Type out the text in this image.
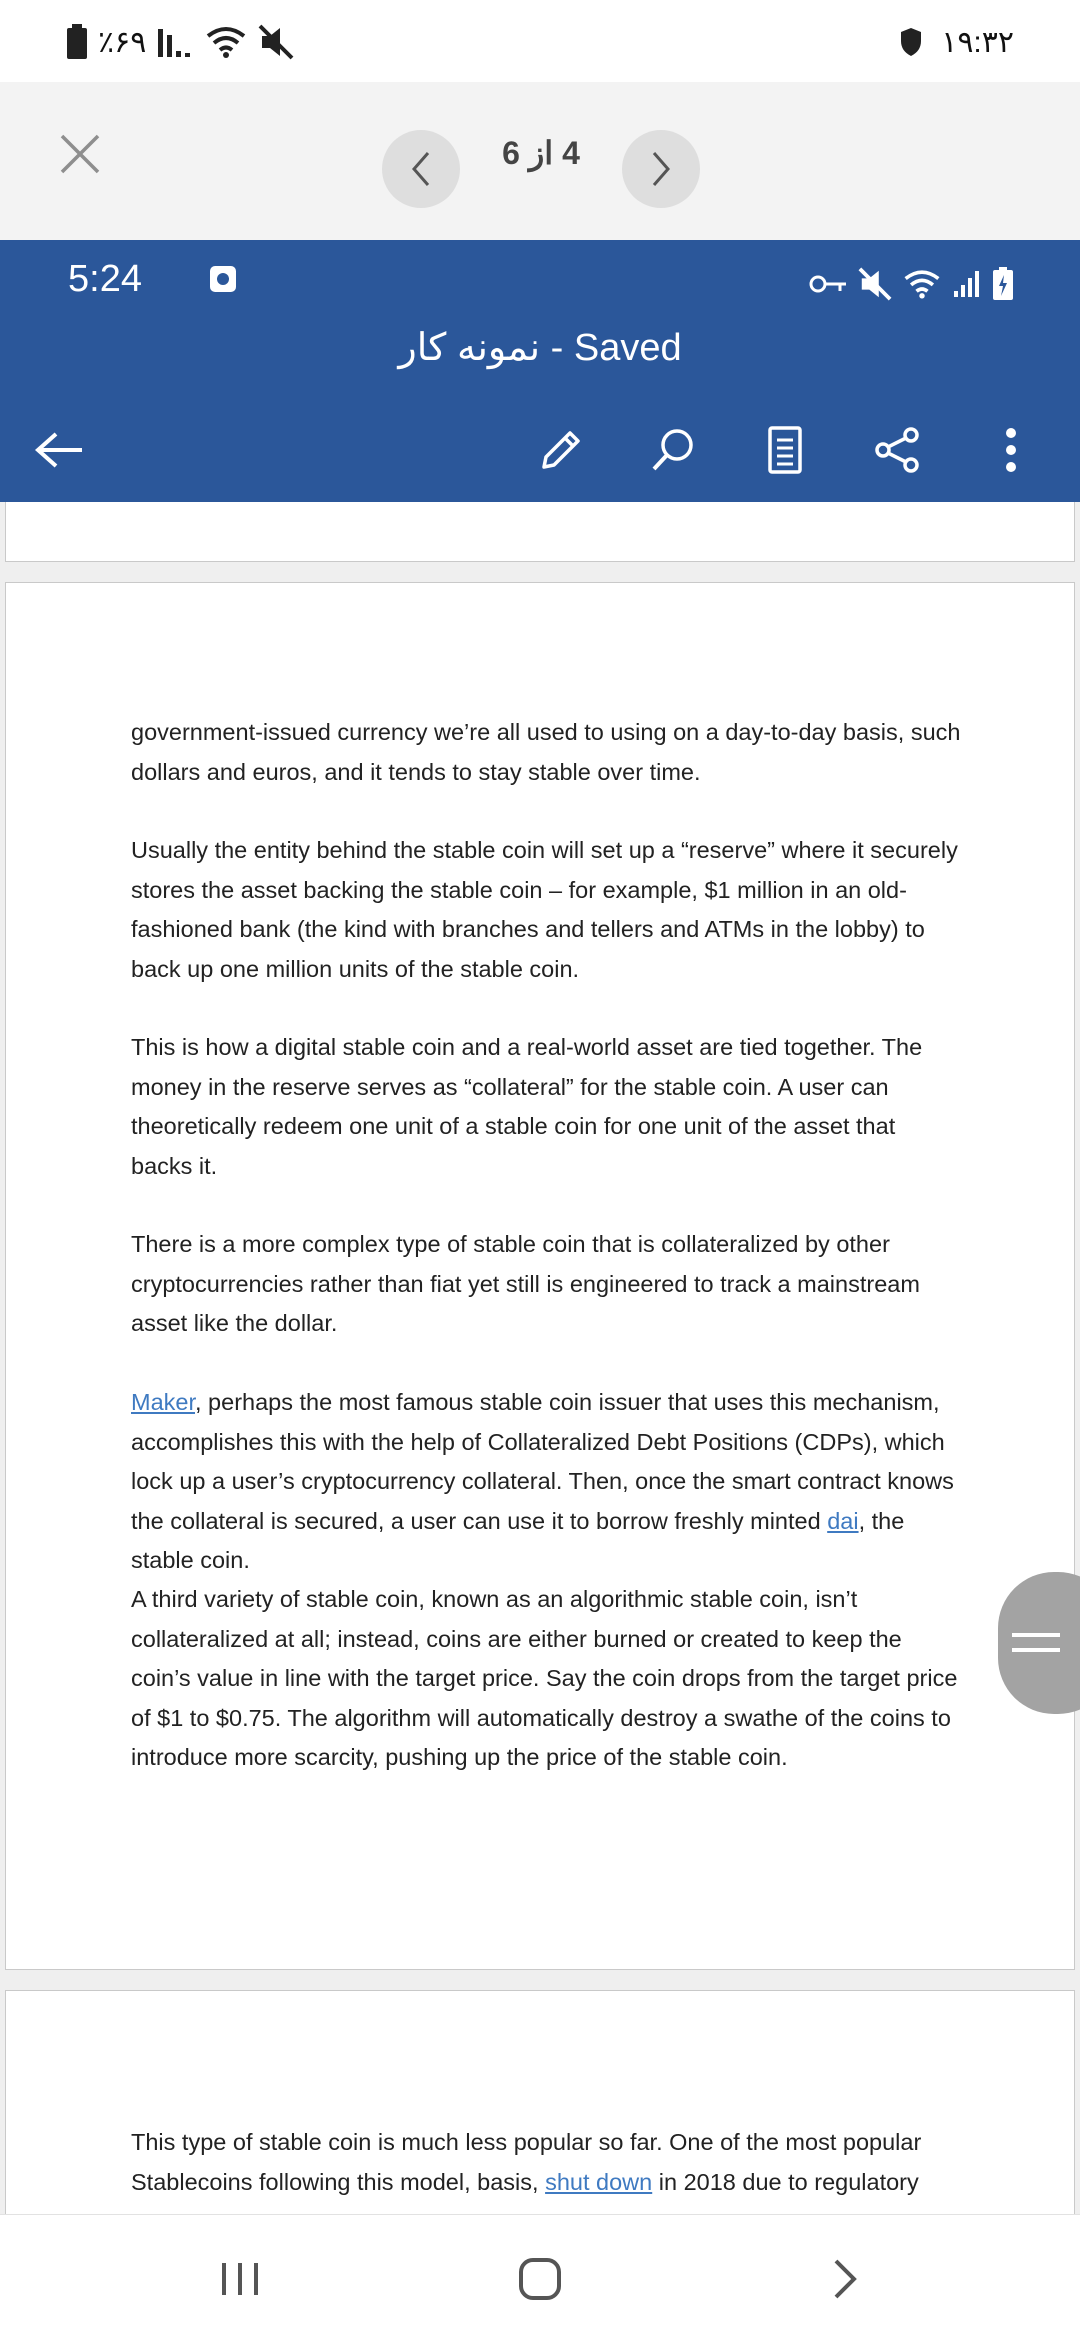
٪۶۹	۱۹:۳۲
4 از 6
5:24
نمونه کار - Saved

government-issued currency we’re all used to using on a day-to-day basis, such dollars and euros, and it tends to stay stable over time.

Usually the entity behind the stable coin will set up a “reserve” where it securely stores the asset backing the stable coin – for example, $1 million in an old-fashioned bank (the kind with branches and tellers and ATMs in the lobby) to back up one million units of the stable coin.

This is how a digital stable coin and a real-world asset are tied together. The money in the reserve serves as “collateral” for the stable coin. A user can theoretically redeem one unit of a stable coin for one unit of the asset that backs it.

There is a more complex type of stable coin that is collateralized by other cryptocurrencies rather than fiat yet still is engineered to track a mainstream asset like the dollar.

Maker, perhaps the most famous stable coin issuer that uses this mechanism, accomplishes this with the help of Collateralized Debt Positions (CDPs), which lock up a user’s cryptocurrency collateral. Then, once the smart contract knows the collateral is secured, a user can use it to borrow freshly minted dai, the stable coin.

A third variety of stable coin, known as an algorithmic stable coin, isn’t collateralized at all; instead, coins are either burned or created to keep the coin’s value in line with the target price. Say the coin drops from the target price of $1 to $0.75. The algorithm will automatically destroy a swathe of the coins to introduce more scarcity, pushing up the price of the stable coin.

This type of stable coin is much less popular so far. One of the most popular Stablecoins following this model, basis, shut down in 2018 due to regulatory
